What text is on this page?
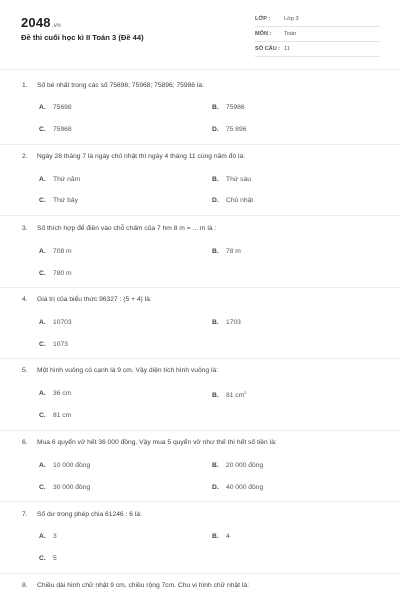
2048.vn
Đề thi cuối học kì II Toán 3 (Đề 44)
LỚP : Lớp 3
MÔN : Toán
SỐ CÂU : 11
1. Số bé nhất trong các số 75698; 75968; 75896; 75986 là:
A. 75698	B. 75986
C. 75968	D. 75 896
2. Ngày 28 tháng 7 là ngày chủ nhật thì ngày 4 tháng 11 cùng năm đó là:
A. Thứ năm	B. Thứ sáu
C. Thứ bảy	D. Chủ nhật
3. Số thích hợp để điền vào chỗ chấm của 7 hm 8 m = ... m là :
A. 708 m	B. 78 m
C. 780 m
4. Giá trị của biểu thức 96327 : (5 + 4) là:
A. 10703	B. 1703
C. 1073
5. Một hình vuông có cạnh là 9 cm. Vậy diện tích hình vuông là:
A. 36 cm	B. 81 $cm^2$
C. 81 cm
6. Mua 6 quyển vở hết 36 000 đồng. Vậy mua 5 quyển vở như thế thì hết số tiền là:
A. 10 000 đồng	B. 20 000 đồng
C. 30 000 đồng	D. 40 000 đồng
7. Số dư trong phép chia 61246 : 6 là:
A. 3	B. 4
C. 5
8. Chiều dài hình chữ nhật 9 cm, chiều rộng 7cm. Chu vi hình chữ nhật là:
